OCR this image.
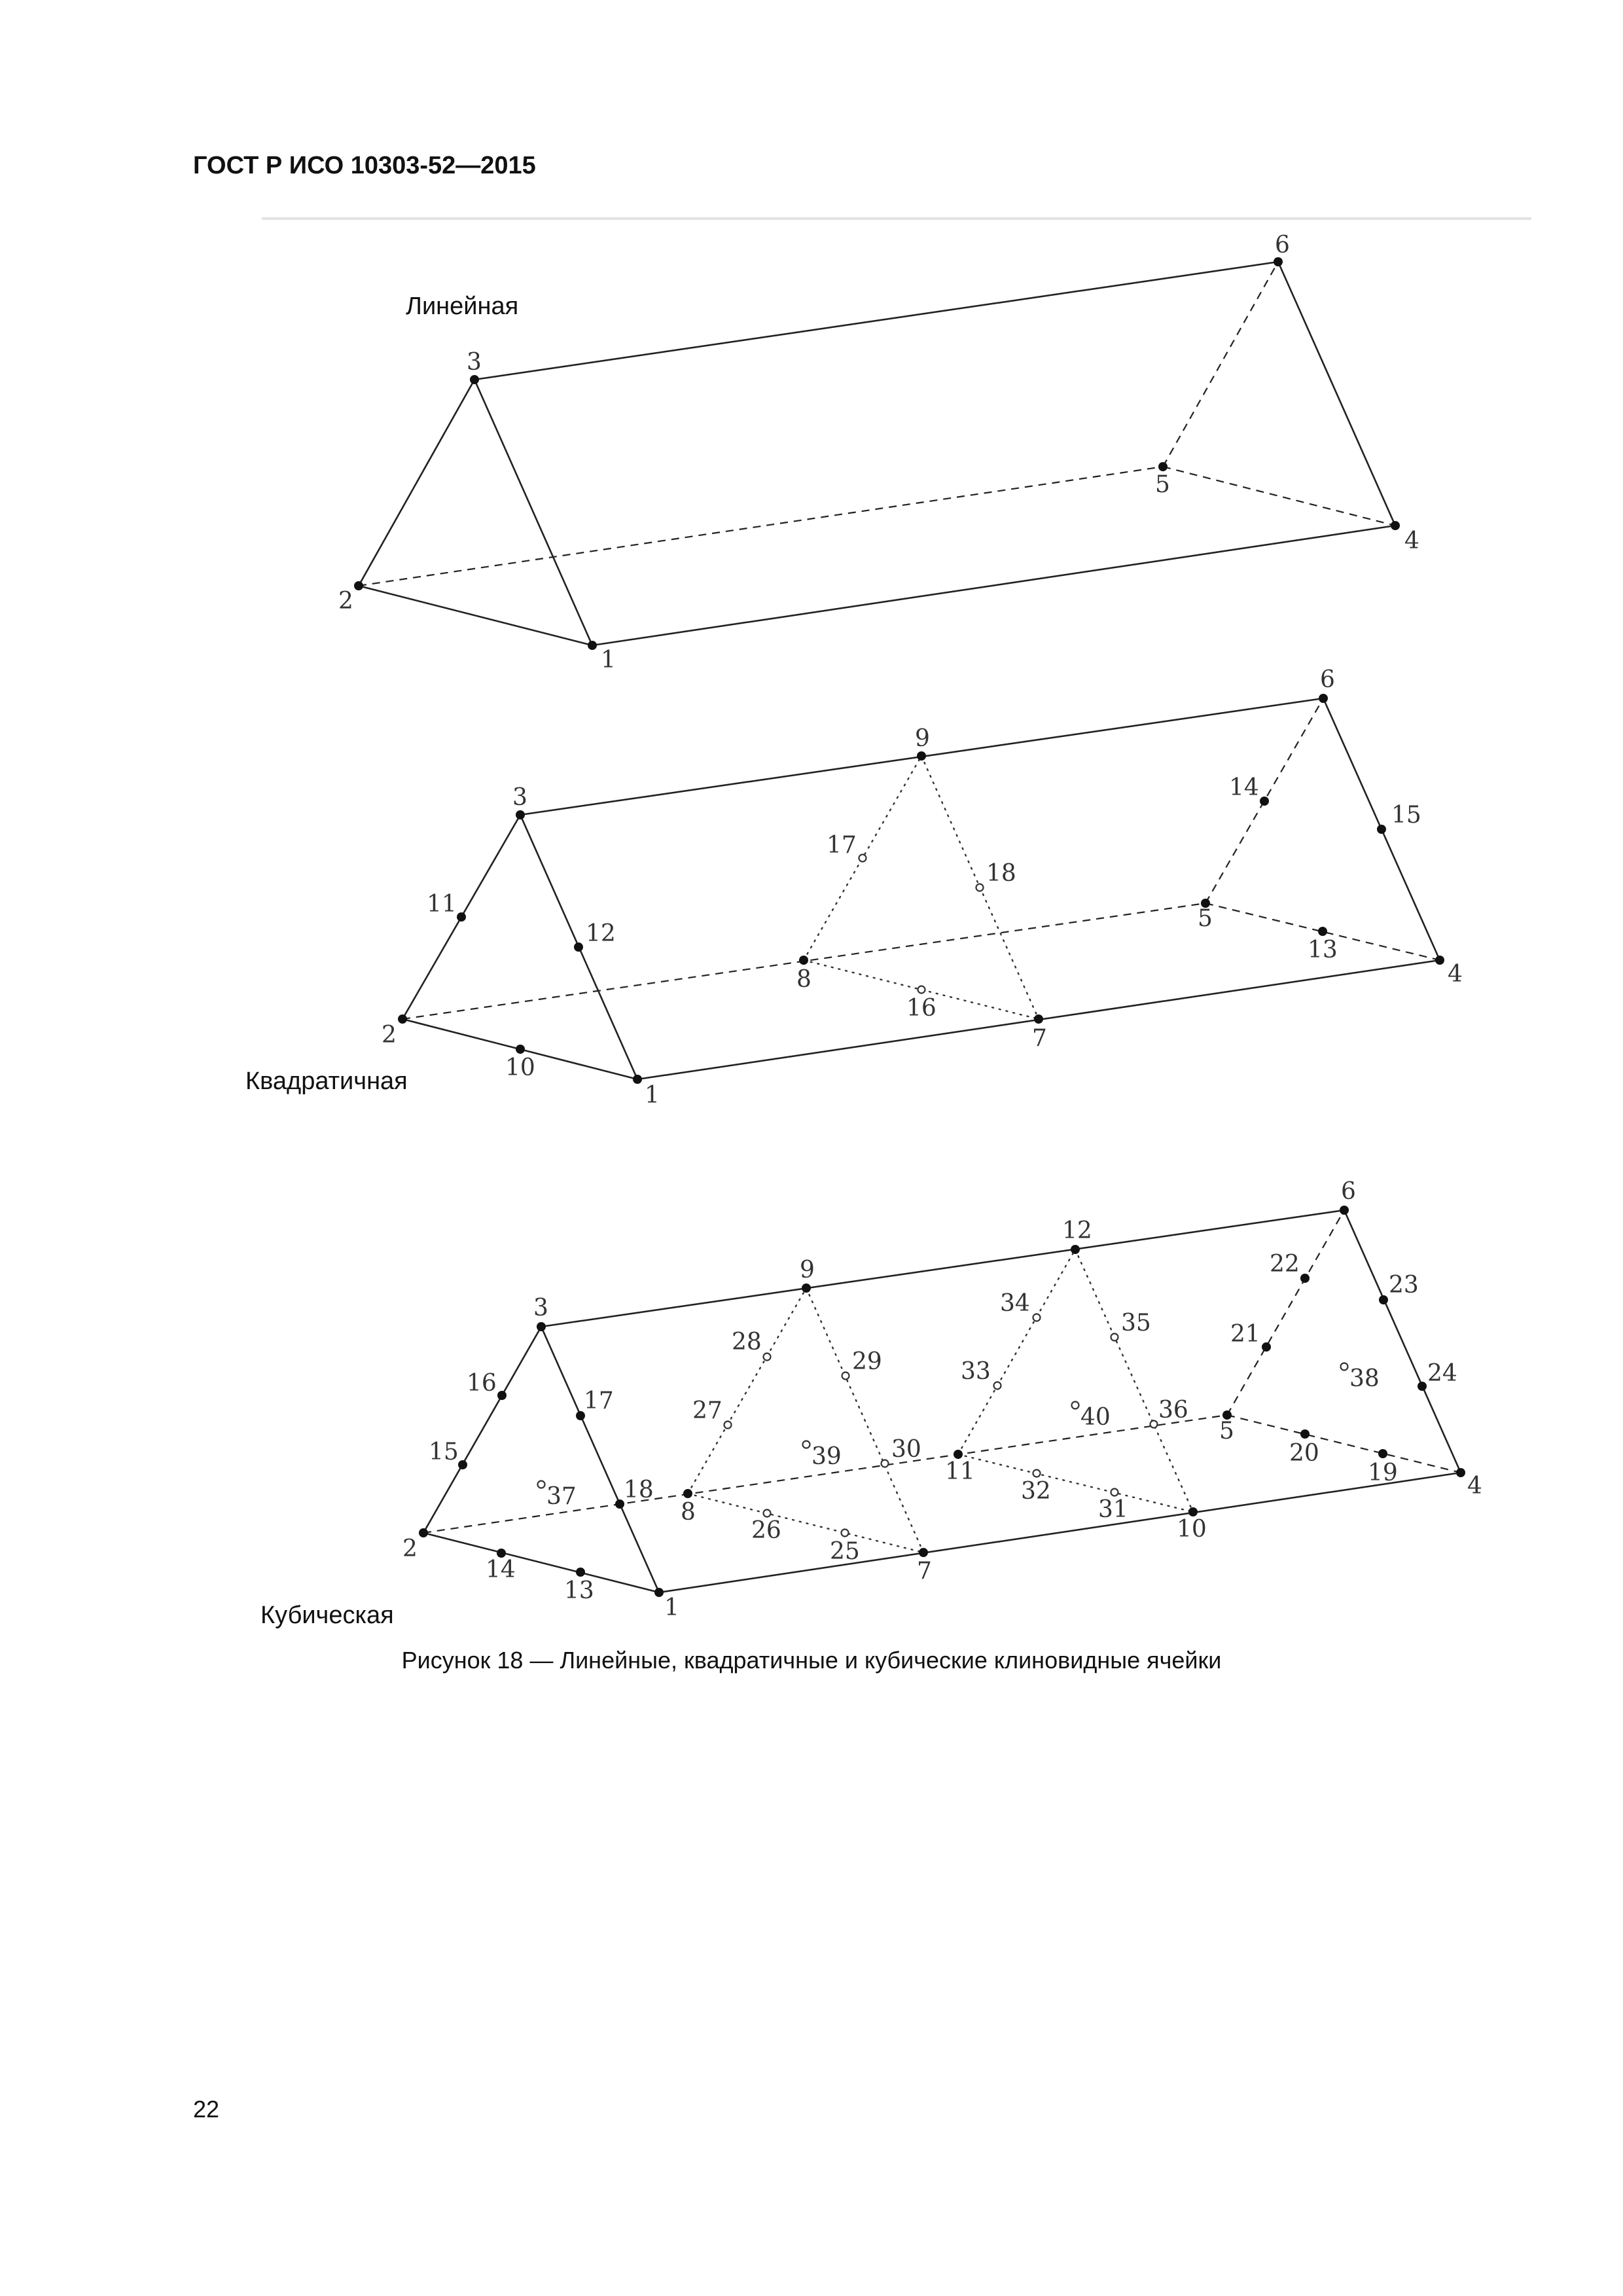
ГОСТ Р ИСО 10303-52—2015
1
2
3
4
5
6
1
2
3
4
5
6
7
8
9
10
11
12
13
14
15
16
17
18
1
2
3
4
5
6
7
8
9
10
11
12
13
14
15
16
17
18
19
20
21
22
23
24
25
26
27
28
29
30
31
32
33
34
35
36
37
38
39
40
Линейная
Квадратичная
Кубическая
Рисунок 18 — Линейные, квадратичные и кубические клиновидные ячейки
22
